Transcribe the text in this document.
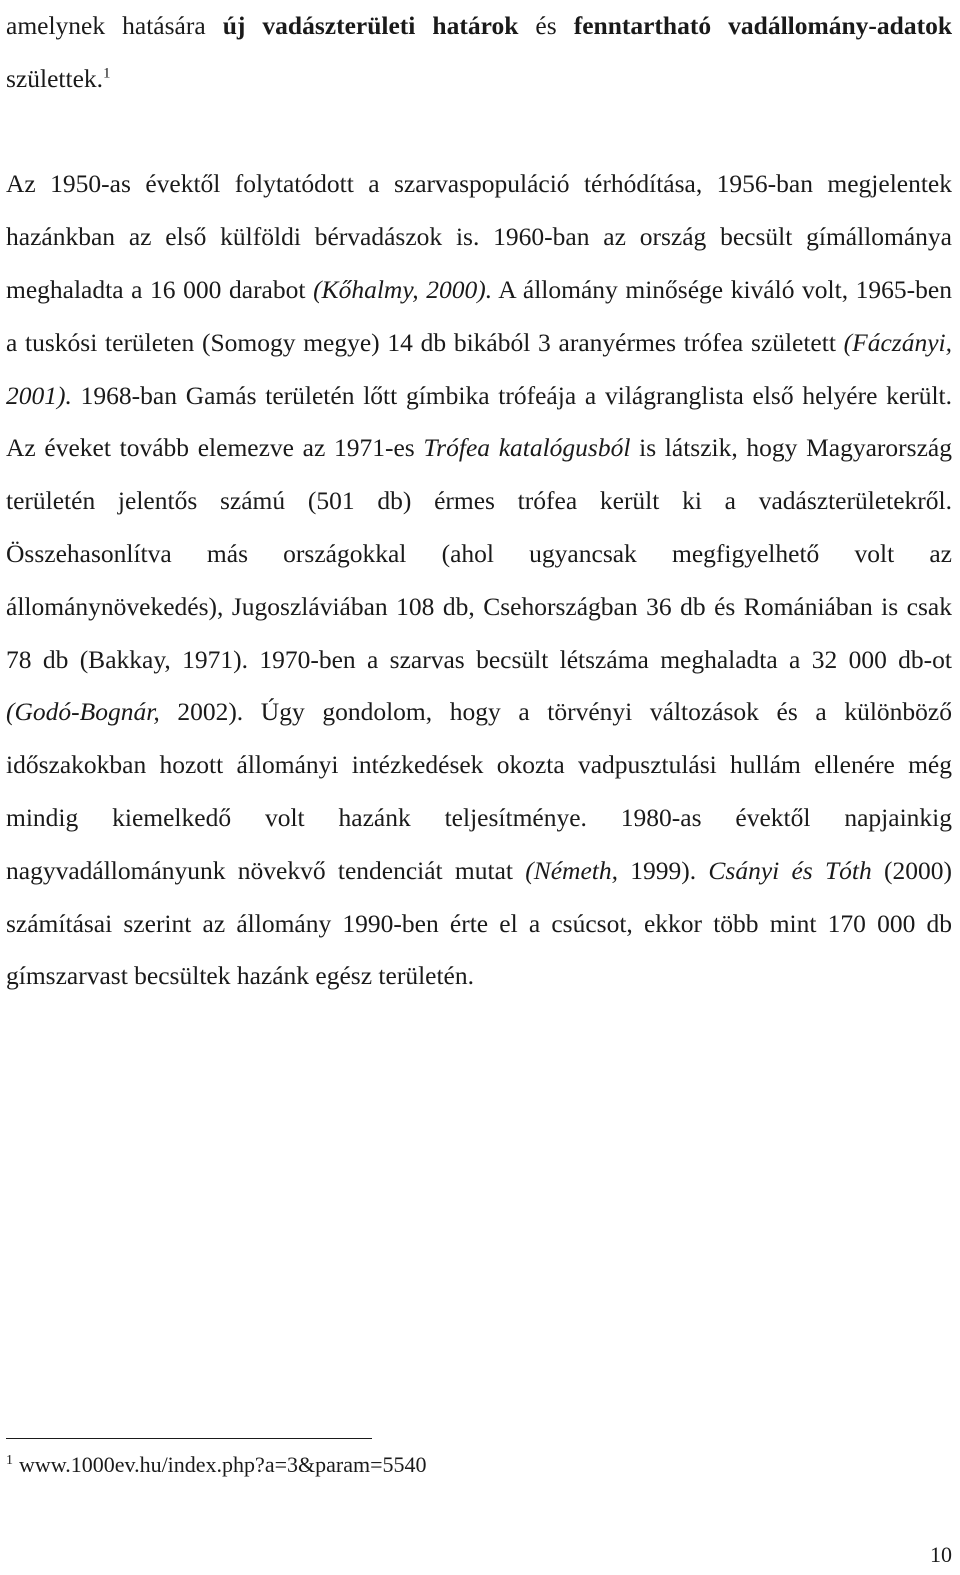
amelynek hatására új vadászterületi határok és fenntartható vadállomány-adatok születtek.$^1$

Az 1950-as évektől folytatódott a szarvaspopuláció térhódítása, 1956-ban megjelentek hazánkban az első külföldi bérvadászok is. 1960-ban az ország becsült gímállománya meghaladta a 16 000 darabot (Kőhalmy, 2000). A állomány minősége kiváló volt, 1965-ben a tuskósi területen (Somogy megye) 14 db bikából 3 aranyérmes trófea született (Fáczányi, 2001). 1968-ban Gamás területén lőtt gímbika trófeája a világranglista első helyére került. Az éveket tovább elemezve az 1971-es Trófea katalógusból is látszik, hogy Magyarország területén jelentős számú (501 db) érmes trófea került ki a vadászterületekről. Összehasonlítva más országokkal (ahol ugyancsak megfigyelhető volt az állománynövekedés), Jugoszláviában 108 db, Csehországban 36 db és Romániában is csak 78 db (Bakkay, 1971). 1970-ben a szarvas becsült létszáma meghaladta a 32 000 db-ot (Godó-Bognár, 2002). Úgy gondolom, hogy a törvényi változások és a különböző időszakokban hozott állományi intézkedések okozta vadpusztulási hullám ellenére még mindig kiemelkedő volt hazánk teljesítménye. 1980-as évektől napjainkig nagyvadállományunk növekvő tendenciát mutat (Németh, 1999). Csányi és Tóth (2000) számításai szerint az állomány 1990-ben érte el a csúcsot, ekkor több mint 170 000 db gímszarvast becsültek hazánk egész területén.

$^1$ www.1000ev.hu/index.php?a=3&param=5540
10
